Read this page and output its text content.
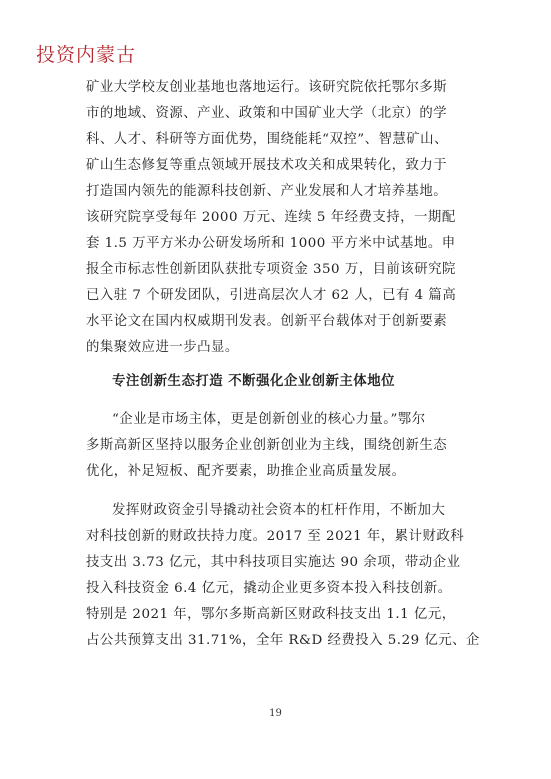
投资内蒙古
矿业大学校友创业基地也落地运行。该研究院依托鄂尔多斯
市的地域、资源、产业、政策和中国矿业大学（北京）的学
科、人才、科研等方面优势，围绕能耗“双控”、智慧矿山、
矿山生态修复等重点领域开展技术攻关和成果转化，致力于
打造国内领先的能源科技创新、产业发展和人才培养基地。
该研究院享受每年 2000 万元、连续 5 年经费支持，一期配
套 1.5 万平方米办公研发场所和 1000 平方米中试基地。申
报全市标志性创新团队获批专项资金 350 万，目前该研究院
已入驻 7 个研发团队，引进高层次人才 62 人，已有 4 篇高
水平论文在国内权威期刊发表。创新平台载体对于创新要素
的集聚效应进一步凸显。
专注创新生态打造 不断强化企业创新主体地位
“企业是市场主体，更是创新创业的核心力量。”鄂尔
多斯高新区坚持以服务企业创新创业为主线，围绕创新生态
优化，补足短板、配齐要素，助推企业高质量发展。
发挥财政资金引导撬动社会资本的杠杆作用，不断加大
对科技创新的财政扶持力度。2017 至 2021 年，累计财政科
技支出 3.73 亿元，其中科技项目实施达 90 余项，带动企业
投入科技资金 6.4 亿元，撬动企业更多资本投入科技创新。
特别是 2021 年，鄂尔多斯高新区财政科技支出 1.1 亿元，
占公共预算支出 31.71%，全年 R&D 经费投入 5.29 亿元、企
19
